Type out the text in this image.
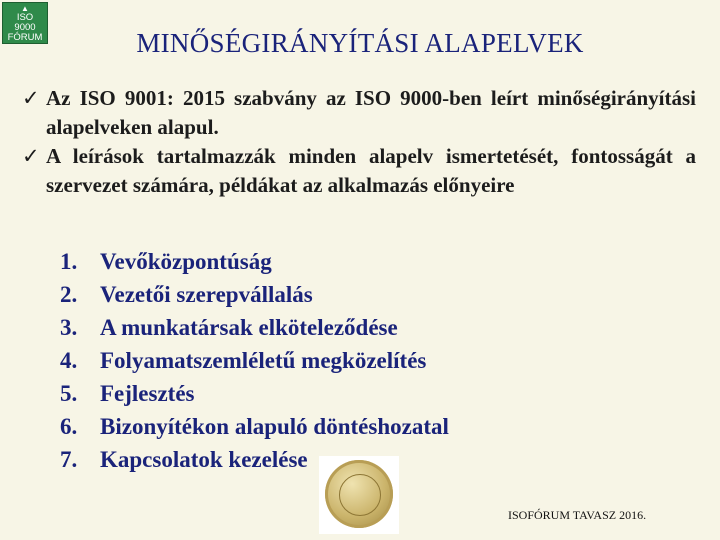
▲
ISO
9000
FÓRUM	MINŐSÉGIRÁNYÍTÁSI ALAPELVEK
✓ Az ISO 9001: 2015 szabvány az ISO 9000-ben leírt minőségirányítási alapelveken alapul.
✓ A leírások tartalmazzák minden alapelv ismertetését, fontosságát a szervezet számára, példákat az alkalmazás előnyeire
1. Vevőközpontúság
2. Vezetői szerepvállalás
3. A munkatársak elköteleződése
4. Folyamatszemléletű megközelítés
5. Fejlesztés
6. Bizonyítékon alapuló döntéshozatal
7. Kapcsolatok kezelése
ISOFÓRUM TAVASZ 2016.
